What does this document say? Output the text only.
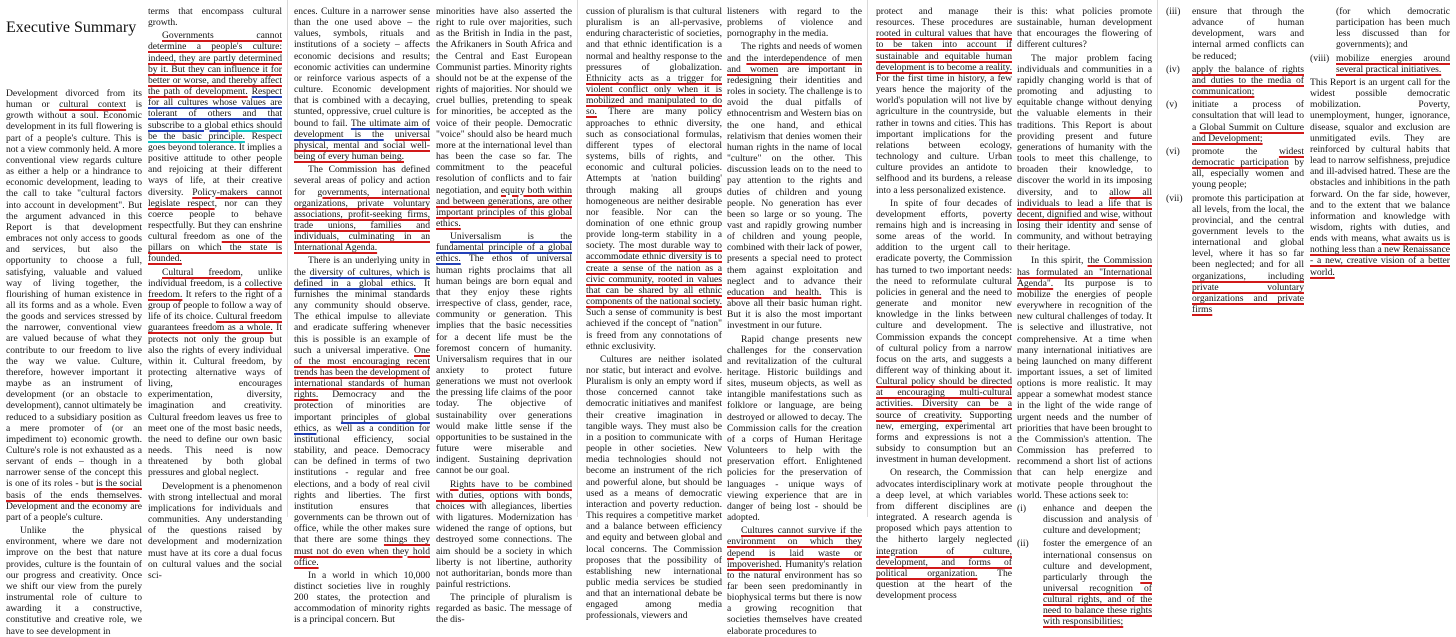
Executive Summary

Development divorced from its human or cultural context is growth without a soul. Economic development in its full flowering is part of a people's culture. This is not a view commonly held. A more conventional view regards culture as either a help or a hindrance to economic development, leading to the call to take "cultural factors into account in development". But the argument advanced in this Report is that development embraces not only access to goods and services, but also the opportunity to choose a full, satisfying, valuable and valued way of living together, the flourishing of human existence in all its forms and as a whole. Even the goods and services stressed by the narrower, conventional view are valued because of what they contribute to our freedom to live the way we value. Culture, therefore, however important it maybe as an instrument of development (or an obstacle to development), cannot ultimately be reduced to a subsidiary position as a mere promoter of (or an impediment to) economic growth. Culture's role is not exhausted as a servant of ends – though in a narrower sense of the concept this is one of its roles - but is the social basis of the ends themselves. Development and the economy are part of a people's culture.

Unlike the physical environment, where we dare not improve on the best that nature provides, culture is the fountain of our progress and creativity. Once we shift our view from the purely instrumental role of culture to awarding it a constructive, constitutive and creative role, we have to see development in

terms that encompass cultural growth.

Governments cannot determine a people's culture: indeed, they are partly determined by it. But they can influence it for better or worse, and thereby affect the path of development. Respect for all cultures whose values are tolerant of others and that subscribe to a global ethics should be the basic principle. Respect goes beyond tolerance. It implies a positive attitude to other people and rejoicing at their different ways of life, at their creative diversity. Policy-makers cannot legislate respect, nor can they coerce people to behave respectfully. But they can enshrine cultural freedom as one of the pillars on which the state is founded.

Cultural freedom, unlike individual freedom, is a collective freedom. It refers to the right of a group of people to follow a way of life of its choice. Cultural freedom guarantees freedom as a whole. It protects not only the group but also the rights of every individual within it. Cultural freedom, by protecting alternative ways of living, encourages experimentation, diversity, imagination and creativity. Cultural freedom leaves us free to meet one of the most basic needs, the need to define our own basic needs. This need is now threatened by both global pressures and global neglect.

Development is a phenomenon with strong intellectual and moral implications for individuals and communities. Any understanding of the questions raised by development and modernization must have at its core a dual focus on cultural values and the social sci-

ences. Culture in a narrower sense than the one used above – the values, symbols, rituals and institutions of a society – affects economic decisions and results; economic activities can undermine or reinforce various aspects of a culture. Economic development that is combined with a decaying, stunted, oppressive, cruel culture is bound to fail. The ultimate aim of development is the universal physical, mental and social well-being of every human being.

The Commission has defined several areas of policy and action for governments, international organizations, private voluntary associations, profit-seeking firms, trade unions, families and individuals, culminating in an International Agenda.

There is an underlying unity in the diversity of cultures, which is defined in a global ethics. It furnishes the minimal standards any community should observe. The ethical impulse to alleviate and eradicate suffering whenever this is possible is an example of such a universal imperative. One of the most encouraging recent trends has been the development of international standards of human rights. Democracy and the protection of minorities are important principles of global ethics, as well as a condition for institutional efficiency, social stability, and peace. Democracy can be defined in terms of two institutions - regular and free elections, and a body of real civil rights and liberties. The first institution ensures that governments can be thrown out of office, while the other makes sure that there are some things they must not do even when they hold office.

In a world in which 10,000 distinct societies live in roughly 200 states, the protection and accommodation of minority rights is a principal concern. But

minorities have also asserted the right to rule over majorities, such as the British in India in the past, the Afrikaners in South Africa and the Central and East European Communist parties. Minority rights should not be at the expense of the rights of majorities. Nor should we cruel bullies, pretending to speak for minorities, be accepted as the voice of their people. Democratic "voice" should also be heard much more at the international level than has been the case so far. The commitment to the peaceful resolution of conflicts and to fair negotiation, and equity both within and between generations, are other important principles of this global ethics.

Universalism is the fundamental principle of a global ethics. The ethos of universal human rights proclaims that all human beings are born equal and that they enjoy these rights irrespective of class, gender, race, community or generation. This implies that the basic necessities for a decent life must be the foremost concern of humanity. Universalism requires that in our anxiety to protect future generations we must not overlook the pressing life claims of the poor today. The objective of sustainability over generations would make little sense if the opportunities to be sustained in the future were miserable and indigent. Sustaining deprivation cannot be our goal.

Rights have to be combined with duties, options with bonds, choices with allegiances, liberties with ligatures. Modernization has widened the range of options, but destroyed some connections. The aim should be a society in which liberty is not libertine, authority not authoritarian, bonds more than painful restrictions.

The principle of pluralism is regarded as basic. The message of the dis-

cussion of pluralism is that cultural pluralism is an all-pervasive, enduring characteristic of societies, and that ethnic identification is a normal and healthy response to the pressures of globalization. Ethnicity acts as a trigger for violent conflict only when it is mobilized and manipulated to do so. There are many policy approaches to ethnic diversity, such as consociational formulas, different types of electoral systems, bills of rights, and economic and cultural policies. Attempts at 'nation building' through making all groups homogeneous are neither desirable nor feasible. Nor can the domination of one ethnic group provide long-term stability in a society. The most durable way to accommodate ethnic diversity is to create a sense of the nation as a civic community, rooted in values that can be shared by all ethnic components of the national society. Such a sense of community is best achieved if the concept of "nation" is freed from any connotations of ethnic exclusivity.

Cultures are neither isolated nor static, but interact and evolve. Pluralism is only an empty word if those concerned cannot take democratic initiatives and manifest their creative imagination in tangible ways. They must also be in a position to communicate with people in other societies. New media technologies should not become an instrument of the rich and powerful alone, but should be used as a means of democratic interaction and poverty reduction. This requires a competitive market and a balance between efficiency and equity and between global and local concerns. The Commission proposes that the possibility of establishing new international public media services be studied and that an international debate be engaged among media professionals, viewers and

listeners with regard to the problems of violence and pornography in the media.

The rights and needs of women and the interdependence of men and women are important in redesigning their identities and roles in society. The challenge is to avoid the dual pitfalls of ethnocentrism and Western bias on the one hand, and ethical relativism that denies women their human rights in the name of local "culture" on the other. This discussion leads on to the need to pay attention to the rights and duties of children and young people. No generation has ever been so large or so young. The vast and rapidly growing number of children and young people, combined with their lack of power, presents a special need to protect them against exploitation and neglect and to advance their education and health. This is above all their basic human right. But it is also the most important investment in our future.

Rapid change presents new challenges for the conservation and revitalization of the cultural heritage. Historic buildings and sites, museum objects, as well as intangible manifestations such as folklore or language, are being destroyed or allowed to decay. The Commission calls for the creation of a corps of Human Heritage Volunteers to help with the preservation effort. Enlightened policies for the preservation of languages - unique ways of viewing experience that are in danger of being lost - should be adopted.

Cultures cannot survive if the environment on which they depend is laid waste or impoverished. Humanity's relation to the natural environment has so far been seen predominantly in biophysical terms but there is now a growing recognition that societies themselves have created elaborate procedures to

protect and manage their resources. These procedures are rooted in cultural values that have to be taken into account if sustainable and equitable human development is to become a reality. For the first time in history, a few years hence the majority of the world's population will not live by agriculture in the countryside, but rather in towns and cities. This has important implications for the relations between ecology, technology and culture. Urban culture provides an antidote to selfhood and its burdens, a release into a less personalized existence.

In spite of four decades of development efforts, poverty remains high and is increasing in some areas of the world. In addition to the urgent call to eradicate poverty, the Commission has turned to two important needs: the need to reformulate cultural policies in general and the need to generate and monitor new knowledge in the links between culture and development. The Commission expands the concept of cultural policy from a narrow focus on the arts, and suggests a different way of thinking about it. Cultural policy should be directed at encouraging multi-cultural activities. Diversity can be a source of creativity. Supporting new, emerging, experimental art forms and expressions is not a subsidy to consumption but an investment in human development.

On research, the Commission advocates interdisciplinary work at a deep level, at which variables from different disciplines are integrated. A research agenda is proposed which pays attention to the hitherto largely neglected integration of culture, development, and forms of political organization. The question at the heart of the development process

is this: what policies promote sustainable, human development that encourages the flowering of different cultures?

The major problem facing individuals and communities in a rapidly changing world is that of promoting and adjusting to equitable change without denying the valuable elements in their traditions. This Report is about providing present and future generations of humanity with the tools to meet this challenge, to broaden their knowledge, to discover the world in its imposing diversity, and to allow all individuals to lead a life that is decent, dignified and wise, without losing their identity and sense of community, and without betraying their heritage.

In this spirit, the Commission has formulated an "International Agenda". Its purpose is to mobilize the energies of people everywhere in recognition of the new cultural challenges of today. It is selective and illustrative, not comprehensive. At a time when many international initiatives are being launched on many different important issues, a set of limited options is more realistic. It may appear a somewhat modest stance in the light of the wide range of urgent needs and the number of priorities that have been brought to the Commission's attention. The Commission has preferred to recommend a short list of actions that can help energize and motivate people throughout the world. These actions seek to:

(i)	enhance and deepen the discussion and analysis of culture and development;
(ii)	foster the emergence of an international consensus on culture and development, particularly through the universal recognition of cultural rights, and of the need to balance these rights with responsibilities;
(iii)	ensure that through the advance of human development, wars and internal armed conflicts can be reduced;
(iv)	apply the balance of rights and duties to the media of communication;
(v)	initiate a process of consultation that will lead to a Global Summit on Culture and Development;
(vi)	promote the widest democratic participation by all, especially women and young people;
(vii) promote this participation at all levels, from the local, the provincial, and the central government levels to the international and global level, where it has so far been neglected; and for all organizations, including private voluntary organizations and private firms
(for which democratic participation has been much less discussed than for governments); and
(viii) mobilize energies around several practical initiatives.

This Report is an urgent call for the widest possible democratic mobilization. Poverty, unemployment, hunger, ignorance, disease, squalor and exclusion are unmitigated evils. They are reinforced by cultural habits that lead to narrow selfishness, prejudice and ill-advised hatred. These are the obstacles and inhibitions in the path forward. On the far side, however, and to the extent that we balance information and knowledge with wisdom, rights with duties, and ends with means, what awaits us is nothing less than a new Renaissance - a new, creative vision of a better world.
